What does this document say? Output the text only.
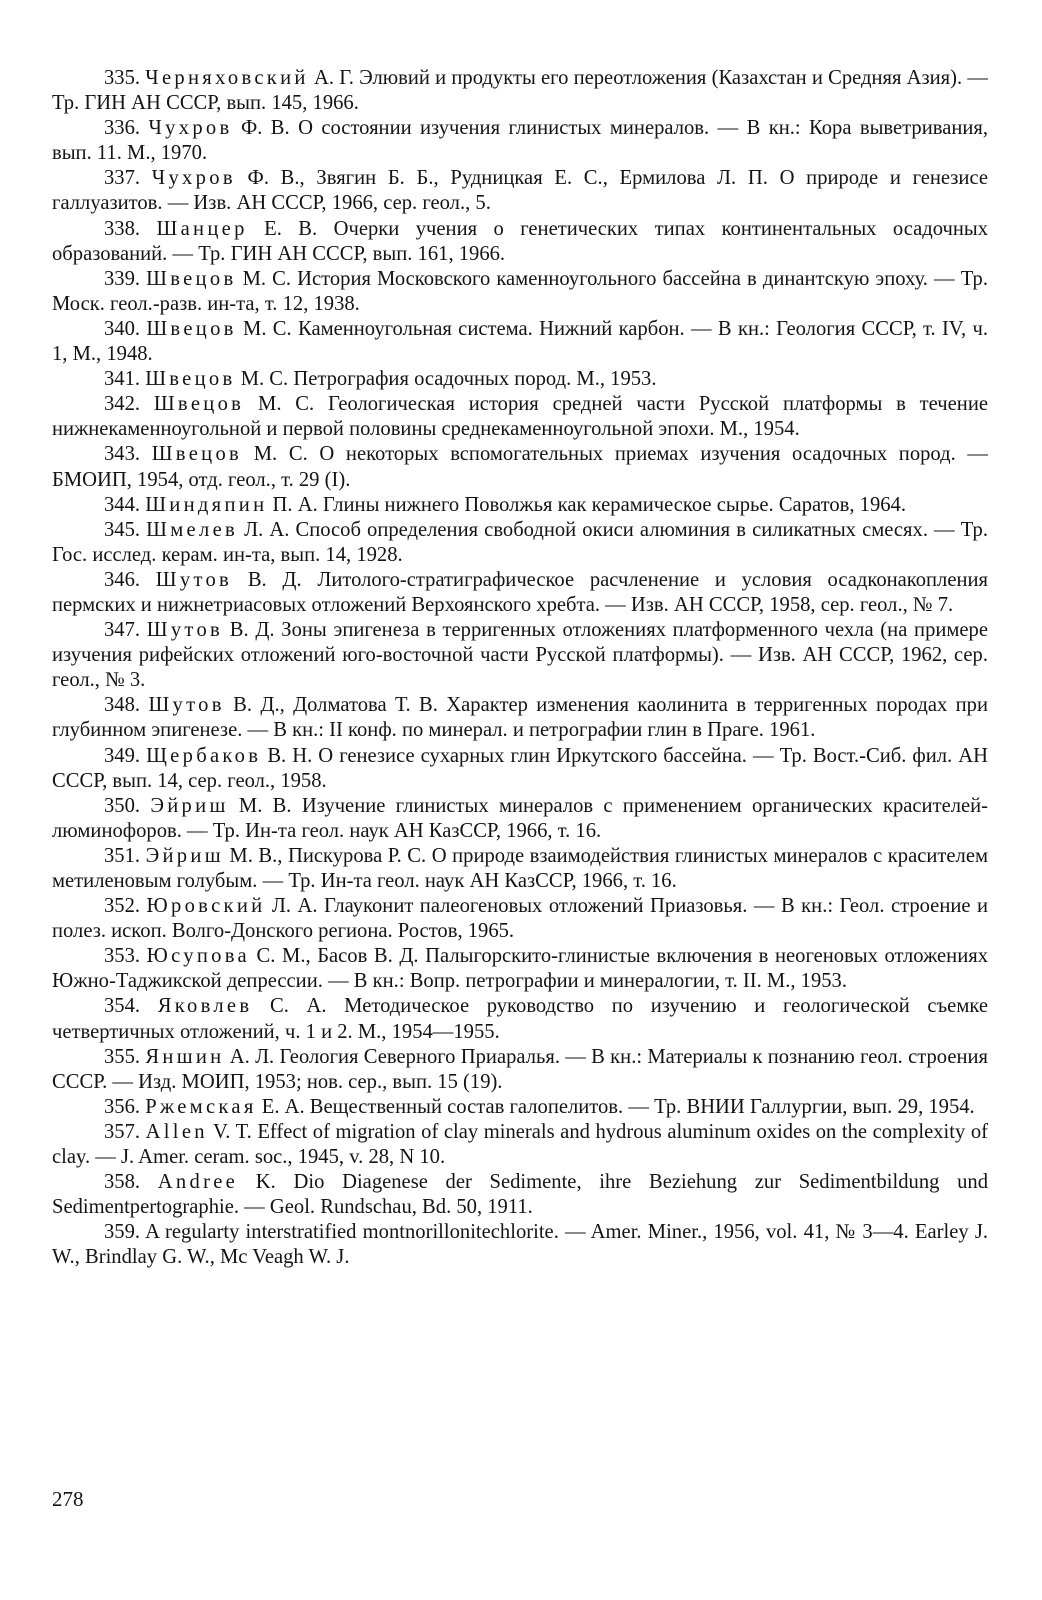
335. Черняховский А. Г. Элювий и продукты его переотложения (Казахстан и Средняя Азия). — Тр. ГИН АН СССР, вып. 145, 1966.

336. Чухров Ф. В. О состоянии изучения глинистых минералов. — В кн.: Кора выветривания, вып. 11. М., 1970.

337. Чухров Ф. В., Звягин Б. Б., Рудницкая Е. С., Ермилова Л. П. О природе и генезисе галлуазитов. — Изв. АН СССР, 1966, сер. геол., 5.

338. Шанцер Е. В. Очерки учения о генетических типах континентальных осадочных образований. — Тр. ГИН АН СССР, вып. 161, 1966.

339. Швецов М. С. История Московского каменноугольного бассейна в динантскую эпоху. — Тр. Моск. геол.-разв. ин-та, т. 12, 1938.

340. Швецов М. С. Каменноугольная система. Нижний карбон. — В кн.: Геология СССР, т. IV, ч. 1, М., 1948.

341. Швецов М. С. Петрография осадочных пород. М., 1953.

342. Швецов М. С. Геологическая история средней части Русской платформы в течение нижнекаменноугольной и первой половины среднекаменноугольной эпохи. М., 1954.

343. Швецов М. С. О некоторых вспомогательных приемах изучения осадочных пород. — БМОИП, 1954, отд. геол., т. 29 (I).

344. Шиндяпин П. А. Глины нижнего Поволжья как керамическое сырье. Саратов, 1964.

345. Шмелев Л. А. Способ определения свободной окиси алюминия в силикатных смесях. — Тр. Гос. исслед. керам. ин-та, вып. 14, 1928.

346. Шутов В. Д. Литолого-стратиграфическое расчленение и условия осадконакопления пермских и нижнетриасовых отложений Верхоянского хребта. — Изв. АН СССР, 1958, сер. геол., № 7.

347. Шутов В. Д. Зоны эпигенеза в терригенных отложениях платформенного чехла (на примере изучения рифейских отложений юго-восточной части Русской платформы). — Изв. АН СССР, 1962, сер. геол., № 3.

348. Шутов В. Д., Долматова Т. В. Характер изменения каолинита в терригенных породах при глубинном эпигенезе. — В кн.: II конф. по минерал. и петрографии глин в Праге. 1961.

349. Щербаков В. Н. О генезисе сухарных глин Иркутского бассейна. — Тр. Вост.-Сиб. фил. АН СССР, вып. 14, сер. геол., 1958.

350. Эйриш М. В. Изучение глинистых минералов с применением органических красителей-люминофоров. — Тр. Ин-та геол. наук АН КазССР, 1966, т. 16.

351. Эйриш М. В., Пискурова Р. С. О природе взаимодействия глинистых минералов с красителем метиленовым голубым. — Тр. Ин-та геол. наук АН КазССР, 1966, т. 16.

352. Юровский Л. А. Глауконит палеогеновых отложений Приазовья. — В кн.: Геол. строение и полез. ископ. Волго-Донского региона. Ростов, 1965.

353. Юсупова С. М., Басов В. Д. Палыгорскито-глинистые включения в неогеновых отложениях Южно-Таджикской депрессии. — В кн.: Вопр. петрографии и минералогии, т. II. М., 1953.

354. Яковлев С. А. Методическое руководство по изучению и геологической съемке четвертичных отложений, ч. 1 и 2. М., 1954—1955.

355. Яншин А. Л. Геология Северного Приаралья. — В кн.: Материалы к познанию геол. строения СССР. — Изд. МОИП, 1953; нов. сер., вып. 15 (19).

356. Ржемская Е. А. Вещественный состав галопелитов. — Тр. ВНИИ Галлургии, вып. 29, 1954.

357. Allen V. T. Effect of migration of clay minerals and hydrous aluminum oxides on the complexity of clay. — J. Amer. ceram. soc., 1945, v. 28, N 10.

358. Andree K. Dio Diagenese der Sedimente, ihre Beziehung zur Sedimentbildung und Sedimentpertographie. — Geol. Rundschau, Bd. 50, 1911.

359. A regularty interstratified montnorillonitechlorite. — Amer. Miner., 1956, vol. 41, № 3—4. Earley J. W., Brindlay G. W., Mc Veagh W. J.

278
